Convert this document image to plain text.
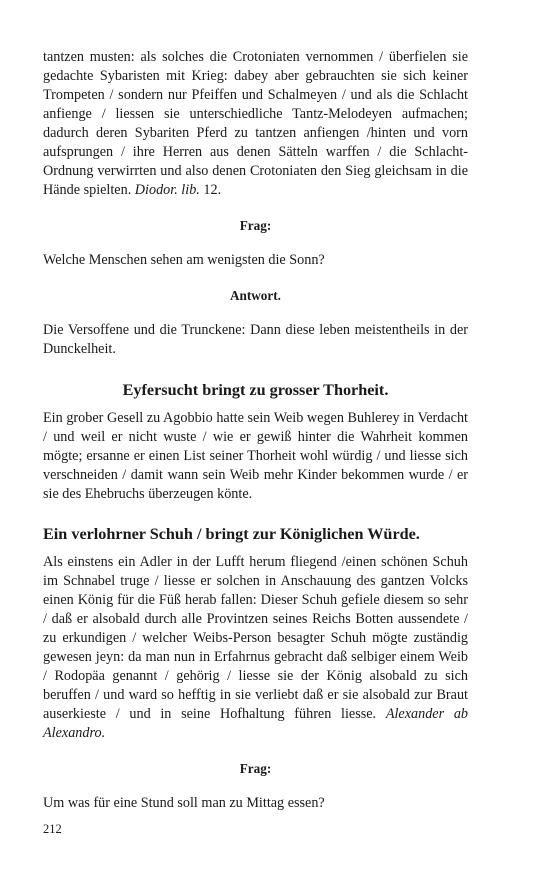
tantzen musten: als solches die Crotoniaten vernommen / überfielen sie gedachte Sybaristen mit Krieg: dabey aber gebrauchten sie sich keiner Trompeten / sondern nur Pfeiffen und Schalmeyen / und als die Schlacht anfienge / liessen sie unterschiedliche Tantz-Melodeyen aufmachen; dadurch deren Sybariten Pferd zu tantzen anfiengen /hinten und vorn aufsprungen / ihre Herren aus denen Sätteln warffen / die Schlacht-Ordnung verwirrten und also denen Crotoniaten den Sieg gleichsam in die Hände spielten. Diodor. lib. 12.

Frag:

Welche Menschen sehen am wenigsten die Sonn?

Antwort.

Die Versoffene und die Trunckene: Dann diese leben meistentheils in der Dunckelheit.

Eyfersucht bringt zu grosser Thorheit.

Ein grober Gesell zu Agobbio hatte sein Weib wegen Buhlerey in Verdacht / und weil er nicht wuste / wie er gewiß hinter die Wahrheit kommen mögte; ersanne er einen List seiner Thorheit wohl würdig / und liesse sich verschneiden / damit wann sein Weib mehr Kinder bekommen wurde / er sie des Ehebruchs überzeugen könte.

Ein verlohrner Schuh / bringt zur Königlichen Würde.

Als einstens ein Adler in der Lufft herum fliegend /einen schönen Schuh im Schnabel truge / liesse er solchen in Anschauung des gantzen Volcks einen König für die Füß herab fallen: Dieser Schuh gefiele diesem so sehr / daß er alsobald durch alle Provintzen seines Reichs Botten aussendete / zu erkundigen / welcher Weibs-Person besagter Schuh mögte zuständig gewesen jeyn: da man nun in Erfahrnus gebracht daß selbiger einem Weib / Rodopäa genannt / gehörig / liesse sie der König alsobald zu sich beruffen / und ward so hefftig in sie verliebt daß er sie alsobald zur Braut auserkieste / und in seine Hofhaltung führen liesse. Alexander ab Alexandro.

Frag:

Um was für eine Stund soll man zu Mittag essen?

212
